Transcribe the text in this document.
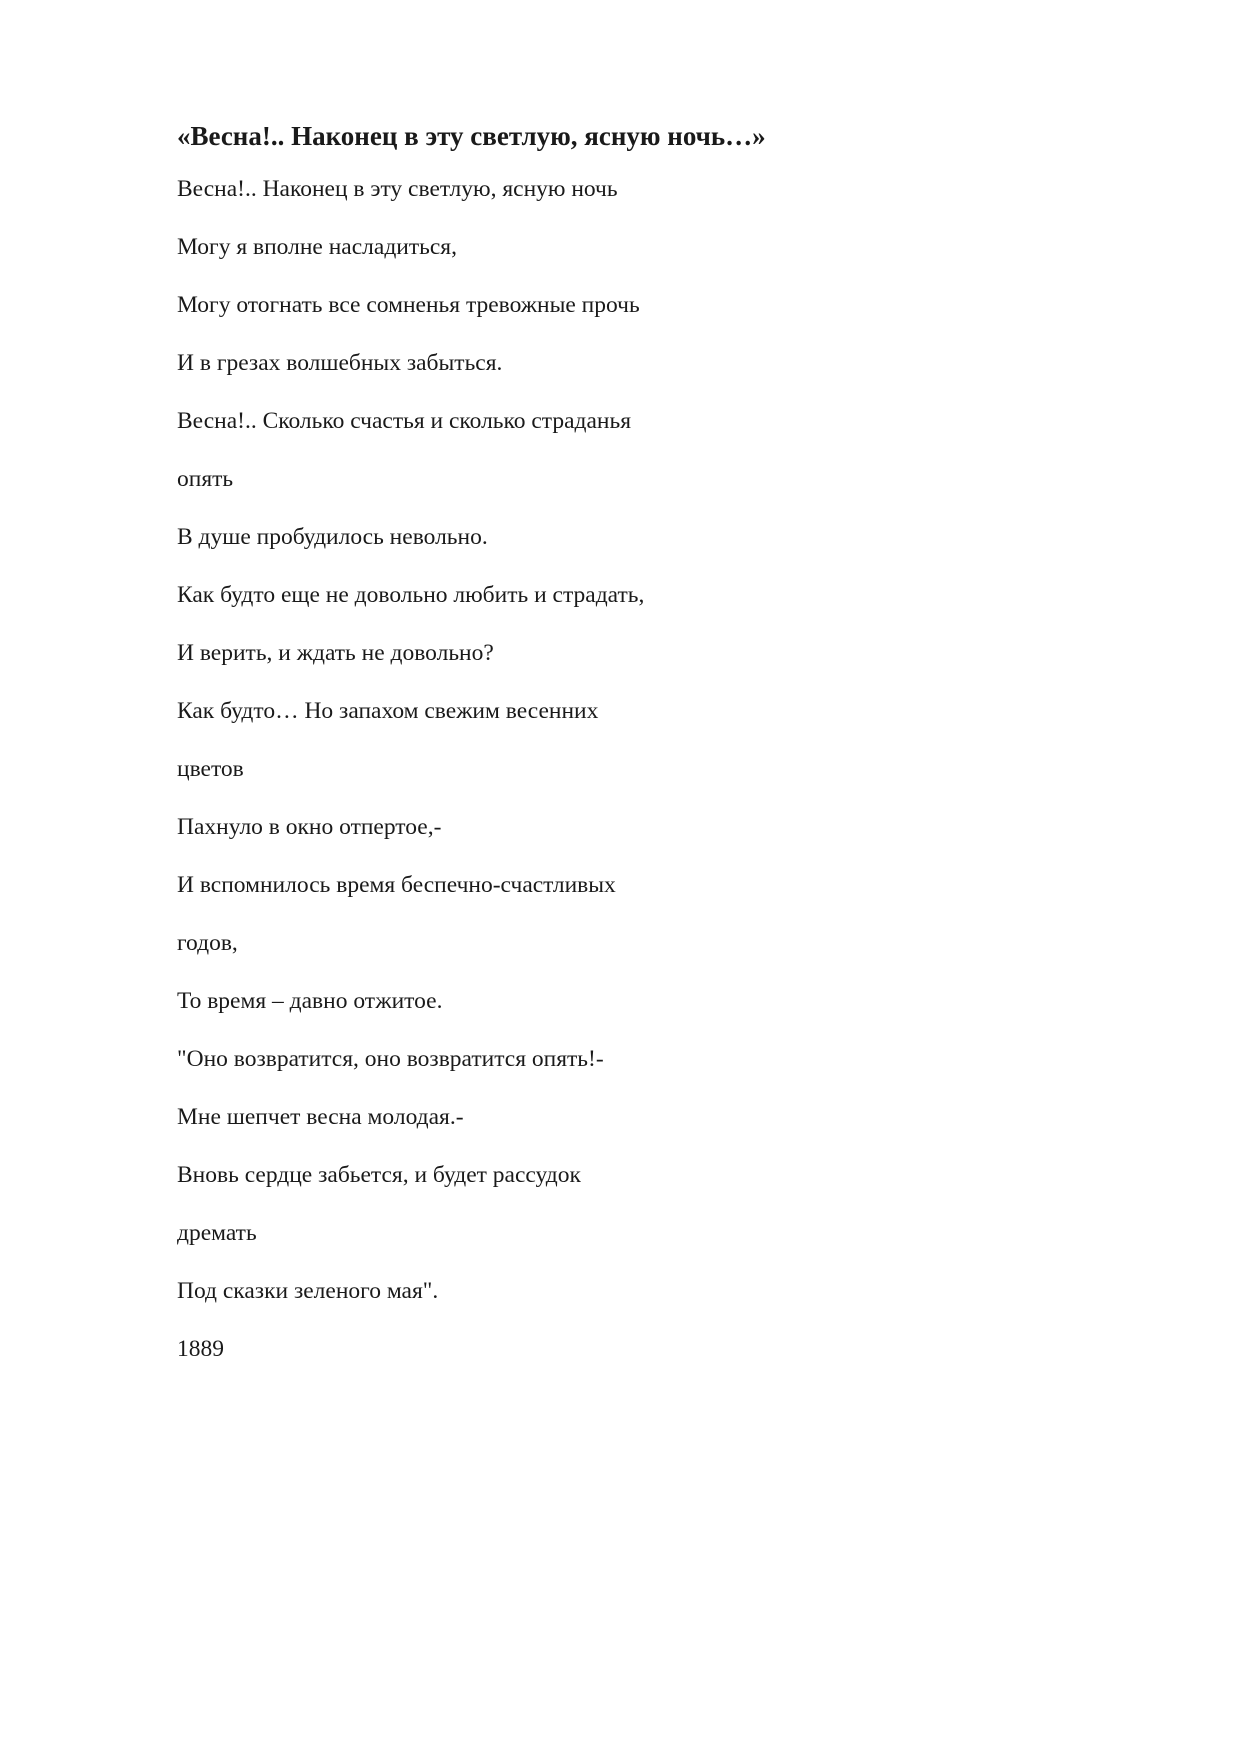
«Весна!.. Наконец в эту светлую, ясную ночь…»
Весна!.. Наконец в эту светлую, ясную ночь
Могу я вполне насладиться,
Могу отогнать все сомненья тревожные прочь
И в грезах волшебных забыться.
Весна!.. Сколько счастья и сколько страданья
опять
В душе пробудилось невольно.
Как будто еще не довольно любить и страдать,
И верить, и ждать не довольно?
Как будто… Но запахом свежим весенних
цветов
Пахнуло в окно отпертое,-
И вспомнилось время беспечно-счастливых
годов,
То время – давно отжитое.
"Оно возвратится, оно возвратится опять!-
Мне шепчет весна молодая.-
Вновь сердце забьется, и будет рассудок
дремать
Под сказки зеленого мая".

1889
